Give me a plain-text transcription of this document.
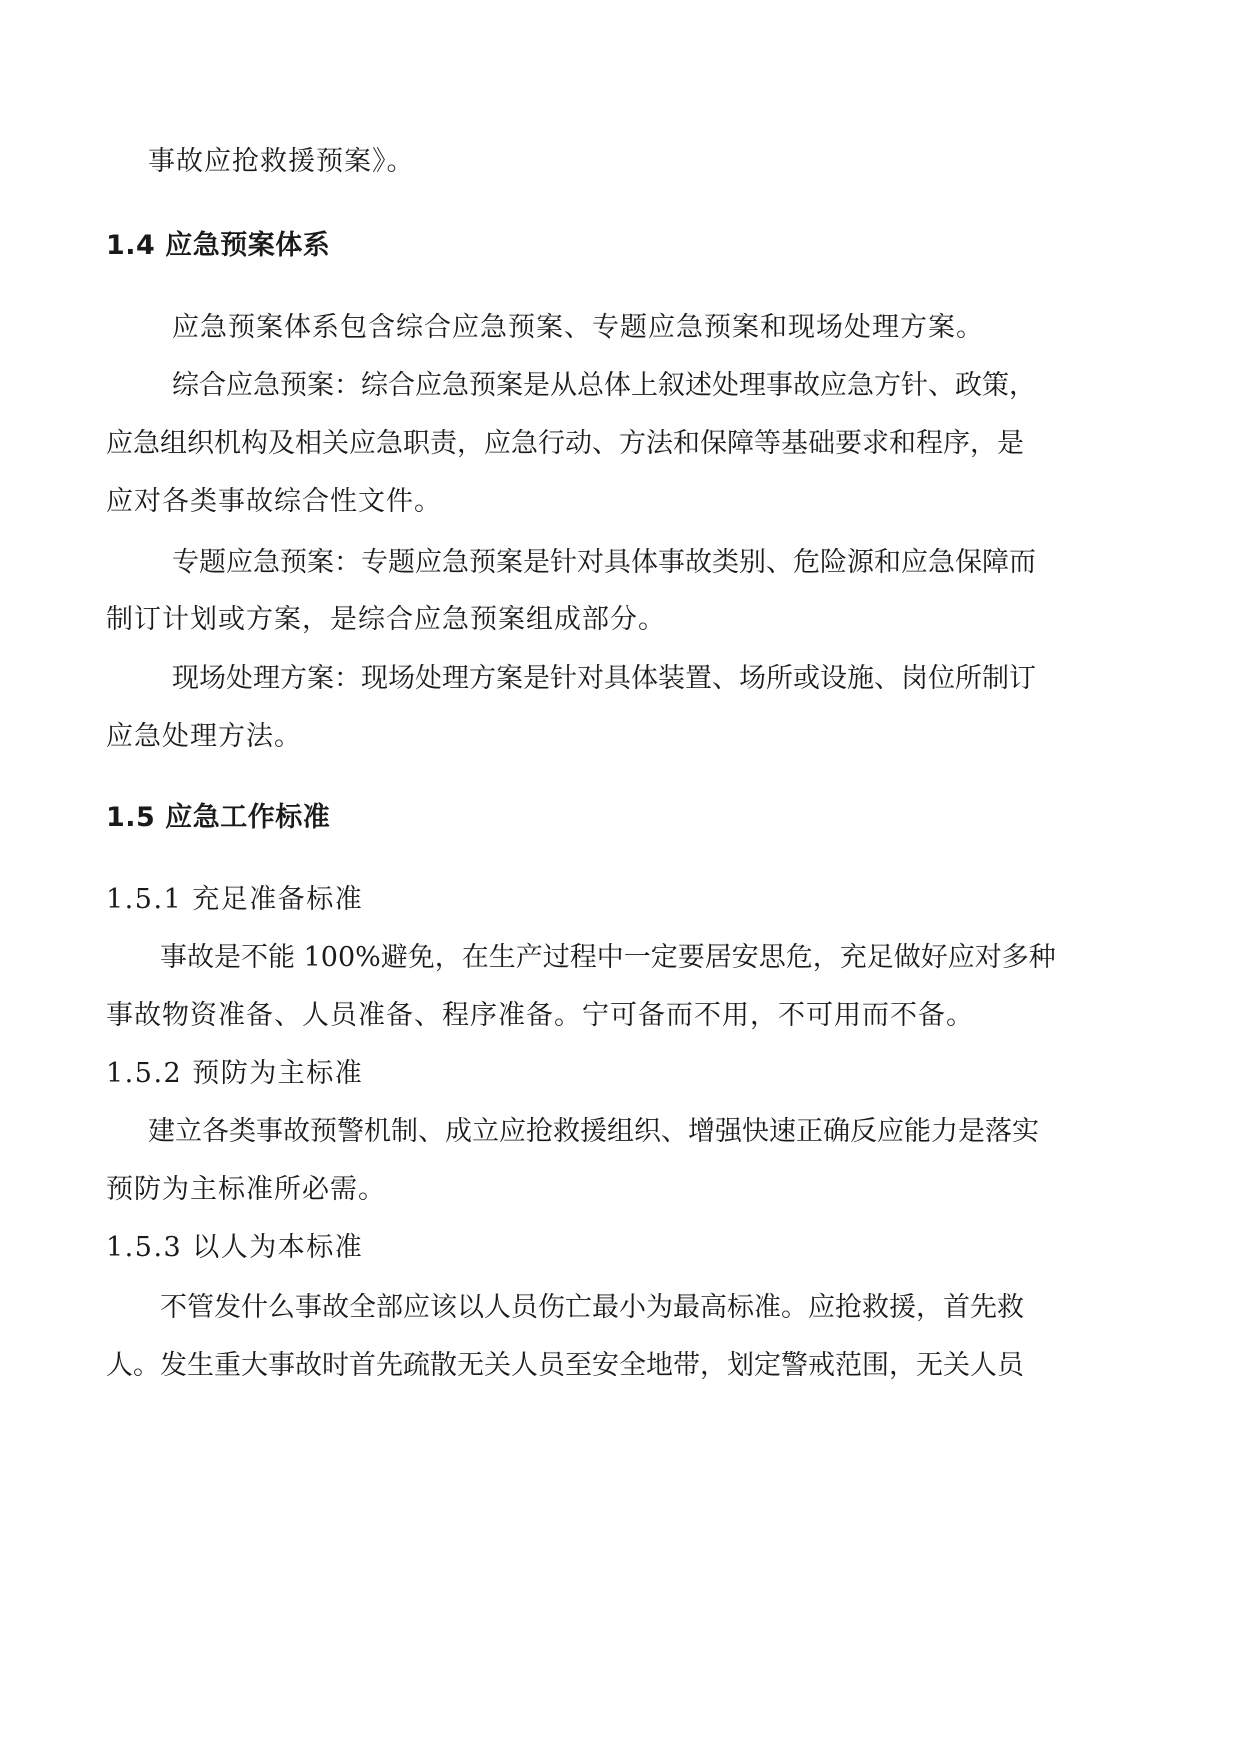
事故应抢救援预案》。
1.4 应急预案体系
应急预案体系包含综合应急预案、专题应急预案和现场处理方案。
综合应急预案：综合应急预案是从总体上叙述处理事故应急方针、政策，
应急组织机构及相关应急职责，应急行动、方法和保障等基础要求和程序，是
应对各类事故综合性文件。
专题应急预案：专题应急预案是针对具体事故类别、危险源和应急保障而
制订计划或方案，是综合应急预案组成部分。
现场处理方案：现场处理方案是针对具体装置、场所或设施、岗位所制订
应急处理方法。
1.5 应急工作标准
1.5.1 充足准备标准
事故是不能 100%避免，在生产过程中一定要居安思危，充足做好应对多种
事故物资准备、人员准备、程序准备。宁可备而不用，不可用而不备。
1.5.2 预防为主标准
建立各类事故预警机制、成立应抢救援组织、增强快速正确反应能力是落实
预防为主标准所必需。
1.5.3 以人为本标准
不管发什么事故全部应该以人员伤亡最小为最高标准。应抢救援，首先救
人。发生重大事故时首先疏散无关人员至安全地带，划定警戒范围，无关人员
